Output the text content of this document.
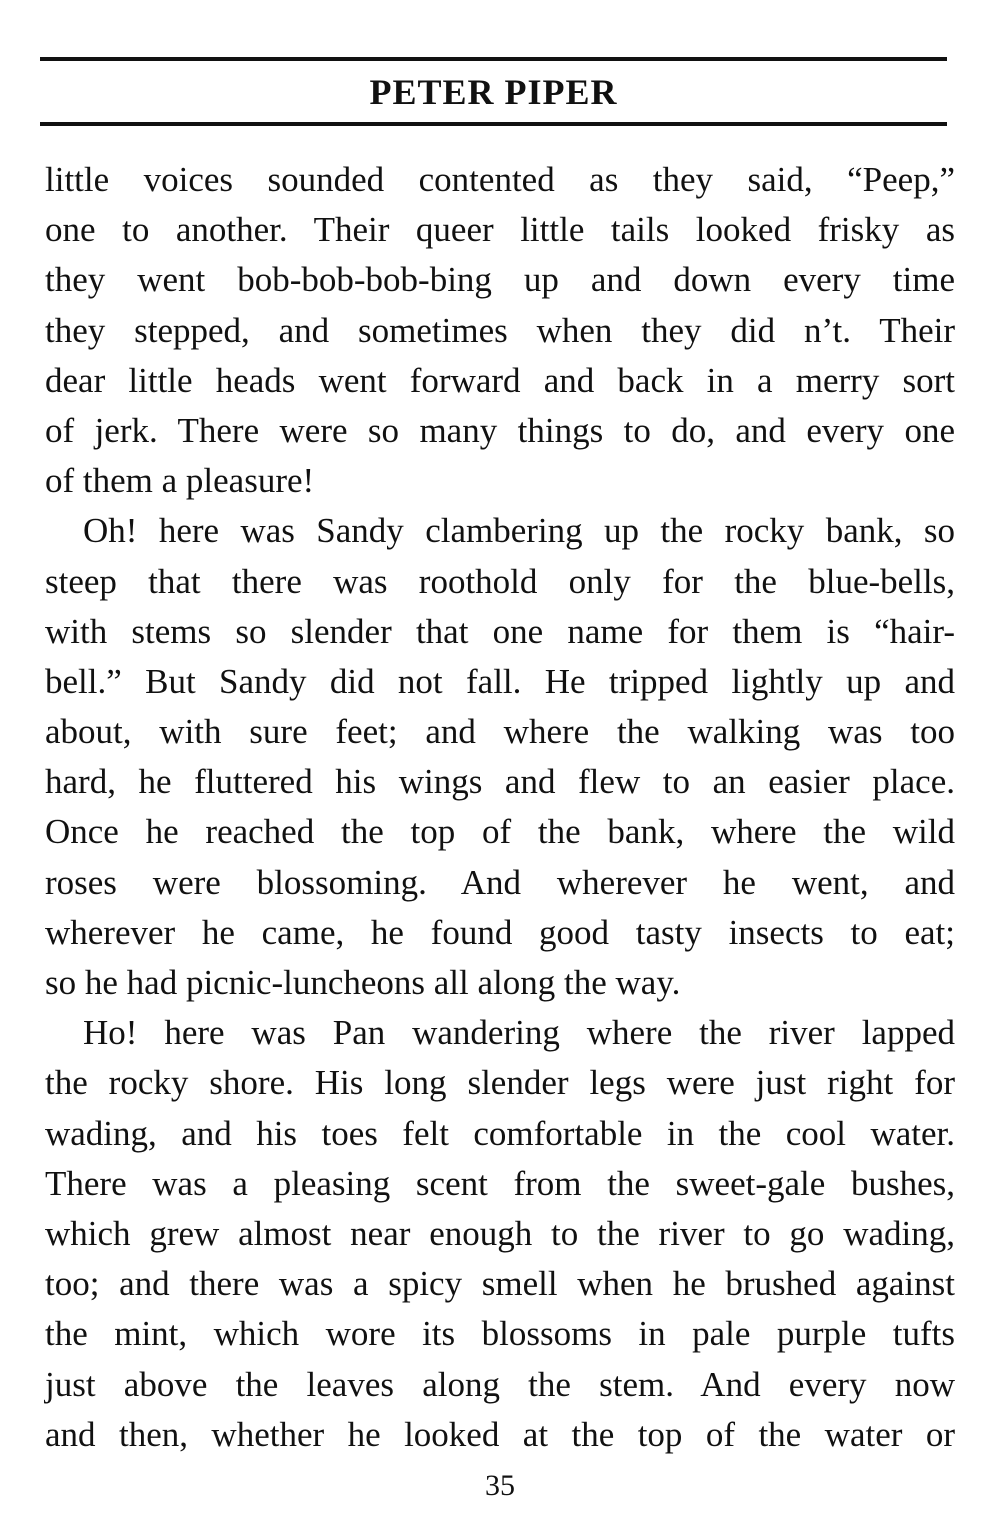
PETER PIPER
little voices sounded contented as they said, “Peep,”
one to another. Their queer little tails looked frisky as
they went bob-bob-bob-bing up and down every time
they stepped, and sometimes when they did n’t. Their
dear little heads went forward and back in a merry sort
of jerk. There were so many things to do, and every one
of them a pleasure!
Oh! here was Sandy clambering up the rocky bank, so
steep that there was roothold only for the blue-bells,
with stems so slender that one name for them is “hair-
bell.” But Sandy did not fall. He tripped lightly up and
about, with sure feet; and where the walking was too
hard, he fluttered his wings and flew to an easier place.
Once he reached the top of the bank, where the wild
roses were blossoming. And wherever he went, and
wherever he came, he found good tasty insects to eat;
so he had picnic-luncheons all along the way.
Ho! here was Pan wandering where the river lapped
the rocky shore. His long slender legs were just right for
wading, and his toes felt comfortable in the cool water.
There was a pleasing scent from the sweet-gale bushes,
which grew almost near enough to the river to go wading,
too; and there was a spicy smell when he brushed against
the mint, which wore its blossoms in pale purple tufts
just above the leaves along the stem. And every now
and then, whether he looked at the top of the water or
35
